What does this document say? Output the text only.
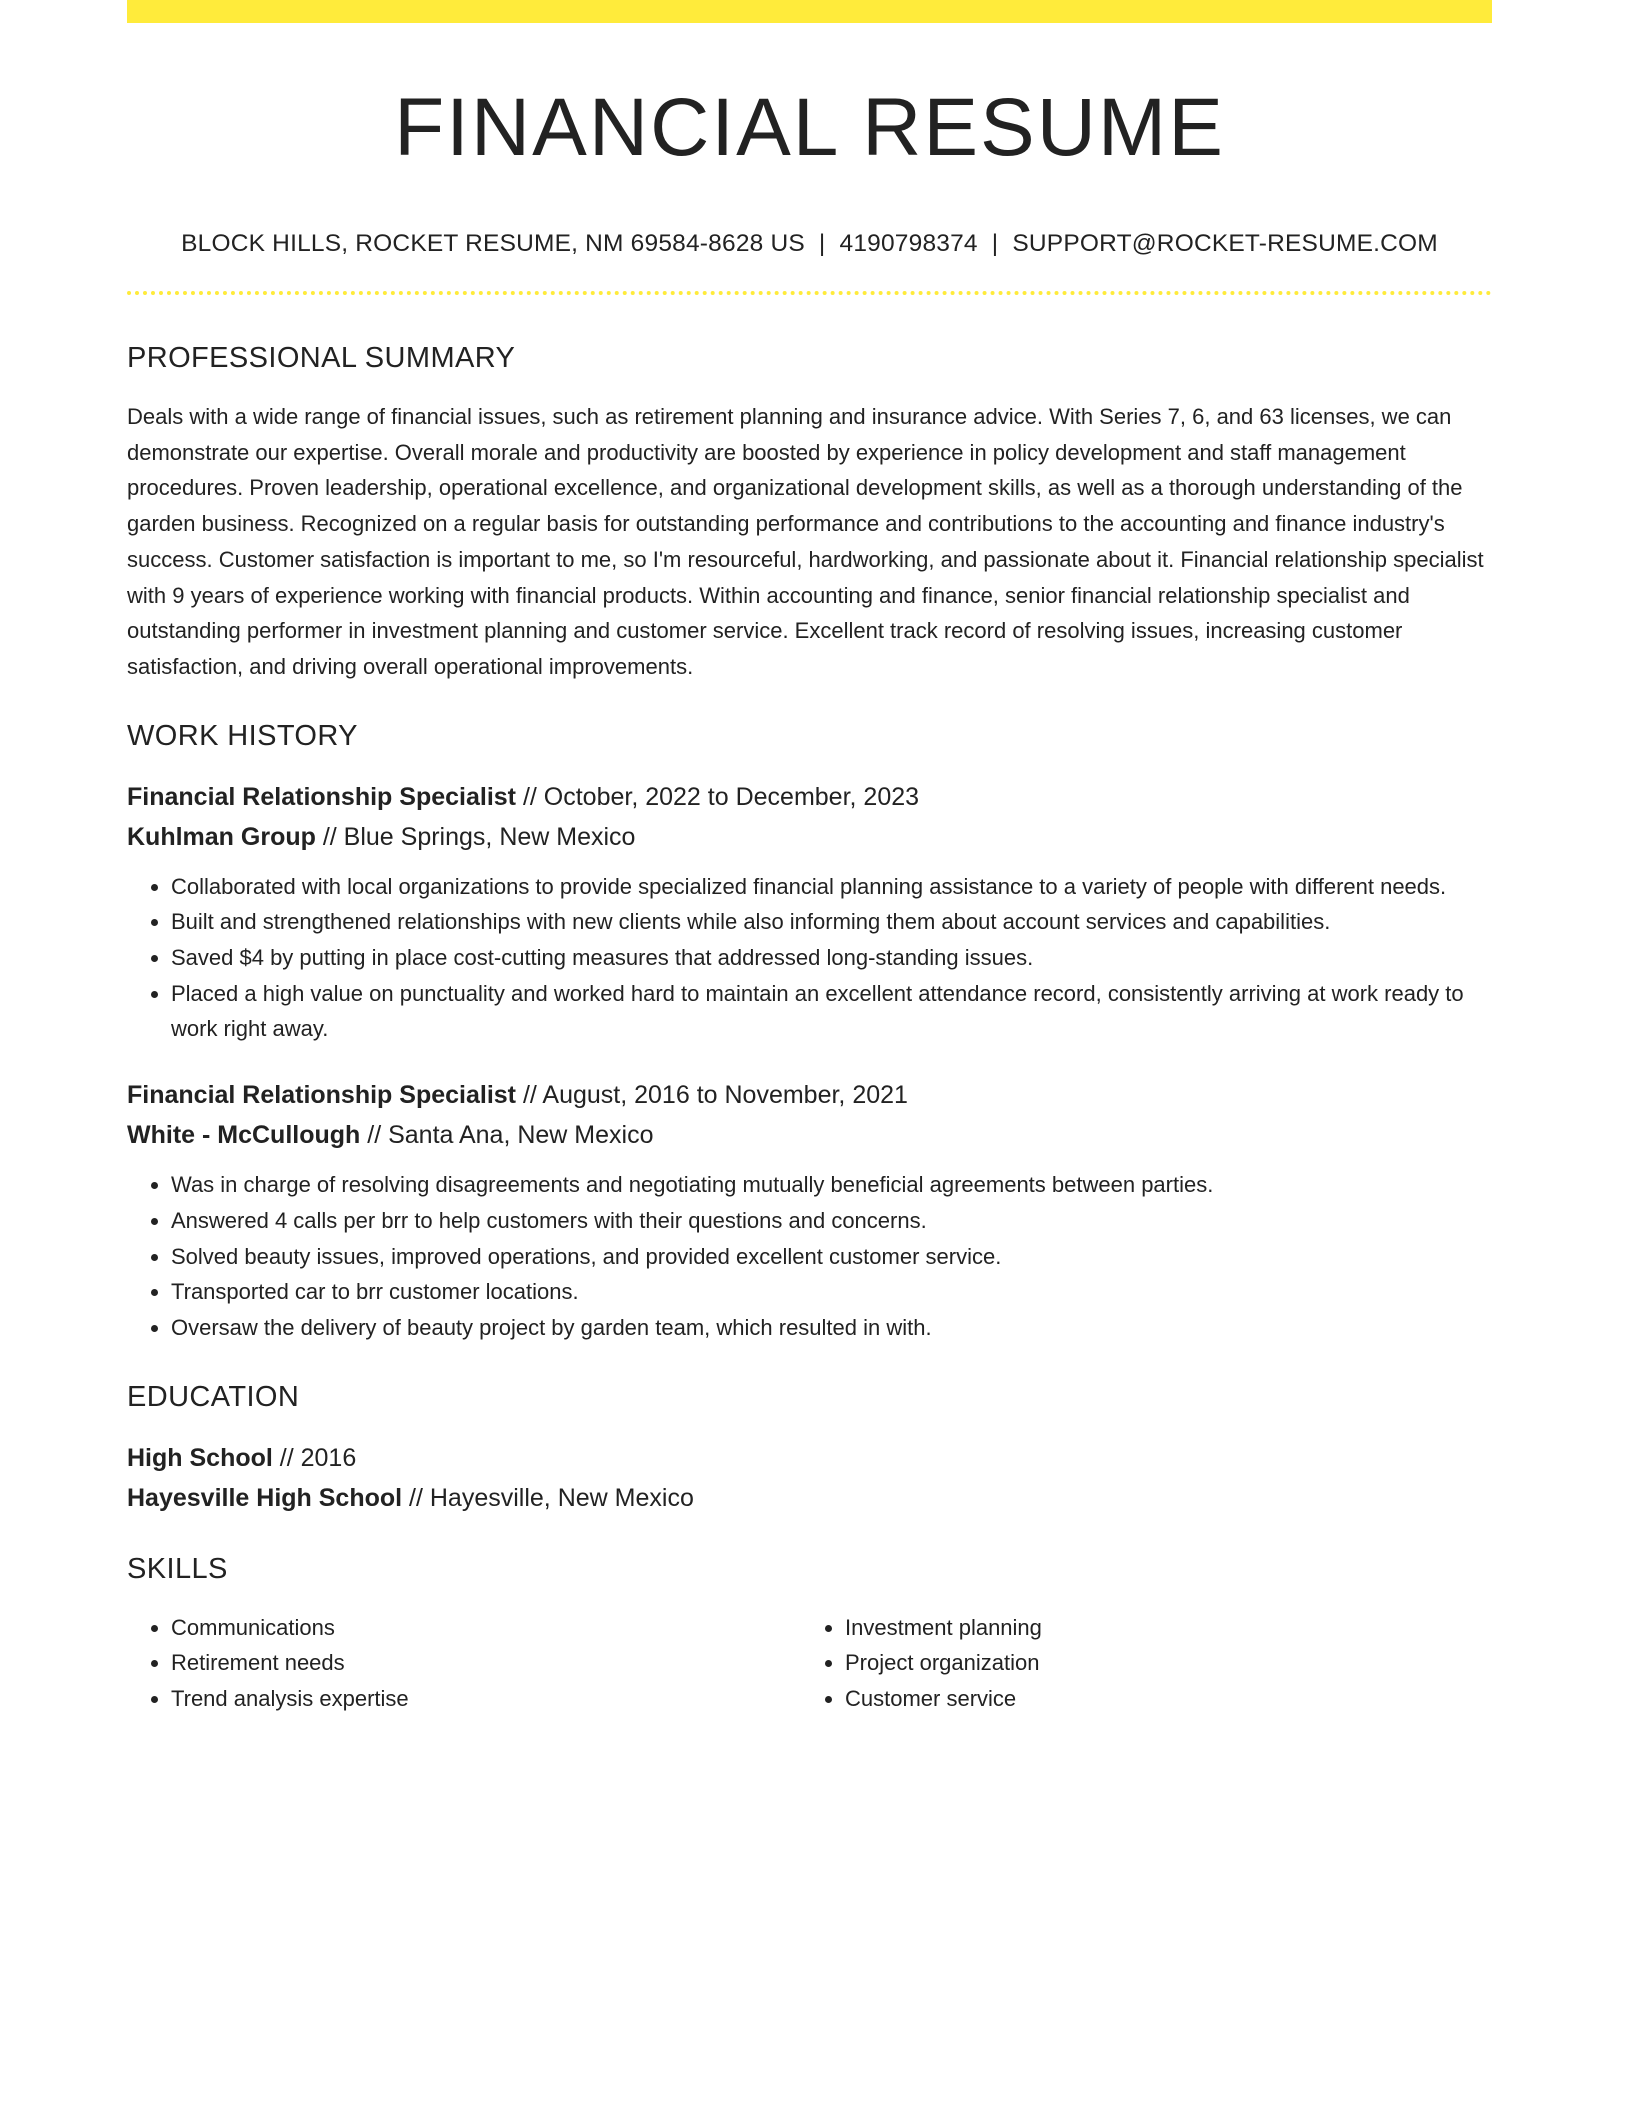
FINANCIAL RESUME
BLOCK HILLS, ROCKET RESUME, NM 69584-8628 US | 4190798374 | SUPPORT@ROCKET-RESUME.COM
PROFESSIONAL SUMMARY

Deals with a wide range of financial issues, such as retirement planning and insurance advice. With Series 7, 6, and 63 licenses, we can demonstrate our expertise. Overall morale and productivity are boosted by experience in policy development and staff management procedures. Proven leadership, operational excellence, and organizational development skills, as well as a thorough understanding of the garden business. Recognized on a regular basis for outstanding performance and contributions to the accounting and finance industry's success. Customer satisfaction is important to me, so I'm resourceful, hardworking, and passionate about it. Financial relationship specialist with 9 years of experience working with financial products. Within accounting and finance, senior financial relationship specialist and outstanding performer in investment planning and customer service. Excellent track record of resolving issues, increasing customer satisfaction, and driving overall operational improvements.

WORK HISTORY
Financial Relationship Specialist // October, 2022 to December, 2023
Kuhlman Group // Blue Springs, New Mexico
• Collaborated with local organizations to provide specialized financial planning assistance to a variety of people with different needs.
• Built and strengthened relationships with new clients while also informing them about account services and capabilities.
• Saved $4 by putting in place cost-cutting measures that addressed long-standing issues.
• Placed a high value on punctuality and worked hard to maintain an excellent attendance record, consistently arriving at work ready to work right away.
Financial Relationship Specialist // August, 2016 to November, 2021
White - McCullough // Santa Ana, New Mexico
• Was in charge of resolving disagreements and negotiating mutually beneficial agreements between parties.
• Answered 4 calls per brr to help customers with their questions and concerns.
• Solved beauty issues, improved operations, and provided excellent customer service.
• Transported car to brr customer locations.
• Oversaw the delivery of beauty project by garden team, which resulted in with.
EDUCATION
High School // 2016
Hayesville High School // Hayesville, New Mexico
SKILLS
• Communications
• Retirement needs
• Trend analysis expertise
• Investment planning
• Project organization
• Customer service
